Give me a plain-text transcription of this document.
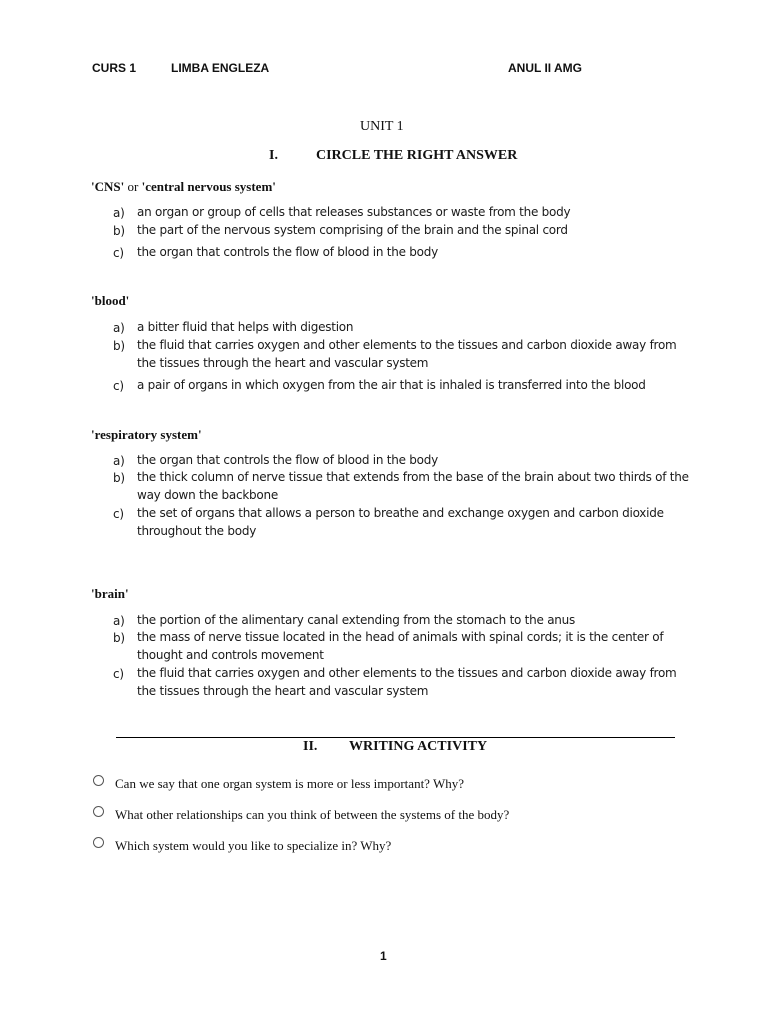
CURS 1	LIMBA ENGLEZA	ANUL II AMG
UNIT 1
I.	CIRCLE THE RIGHT ANSWER
'CNS' or 'central nervous system'
a) an organ or group of cells that releases substances or waste from the body
b) the part of the nervous system comprising of the brain and the spinal cord
c) the organ that controls the flow of blood in the body
'blood'
a) a bitter fluid that helps with digestion
b) the fluid that carries oxygen and other elements to the tissues and carbon dioxide away from
the tissues through the heart and vascular system
c) a pair of organs in which oxygen from the air that is inhaled is transferred into the blood
'respiratory system'
a) the organ that controls the flow of blood in the body
b) the thick column of nerve tissue that extends from the base of the brain about two thirds of the
way down the backbone
c) the set of organs that allows a person to breathe and exchange oxygen and carbon dioxide
throughout the body
'brain'
a) the portion of the alimentary canal extending from the stomach to the anus
b) the mass of nerve tissue located in the head of animals with spinal cords; it is the center of
thought and controls movement
c) the fluid that carries oxygen and other elements to the tissues and carbon dioxide away from
the tissues through the heart and vascular system
II. WRITING ACTIVITY
Can we say that one organ system is more or less important? Why?
What other relationships can you think of between the systems of the body?
Which system would you like to specialize in? Why?
1
